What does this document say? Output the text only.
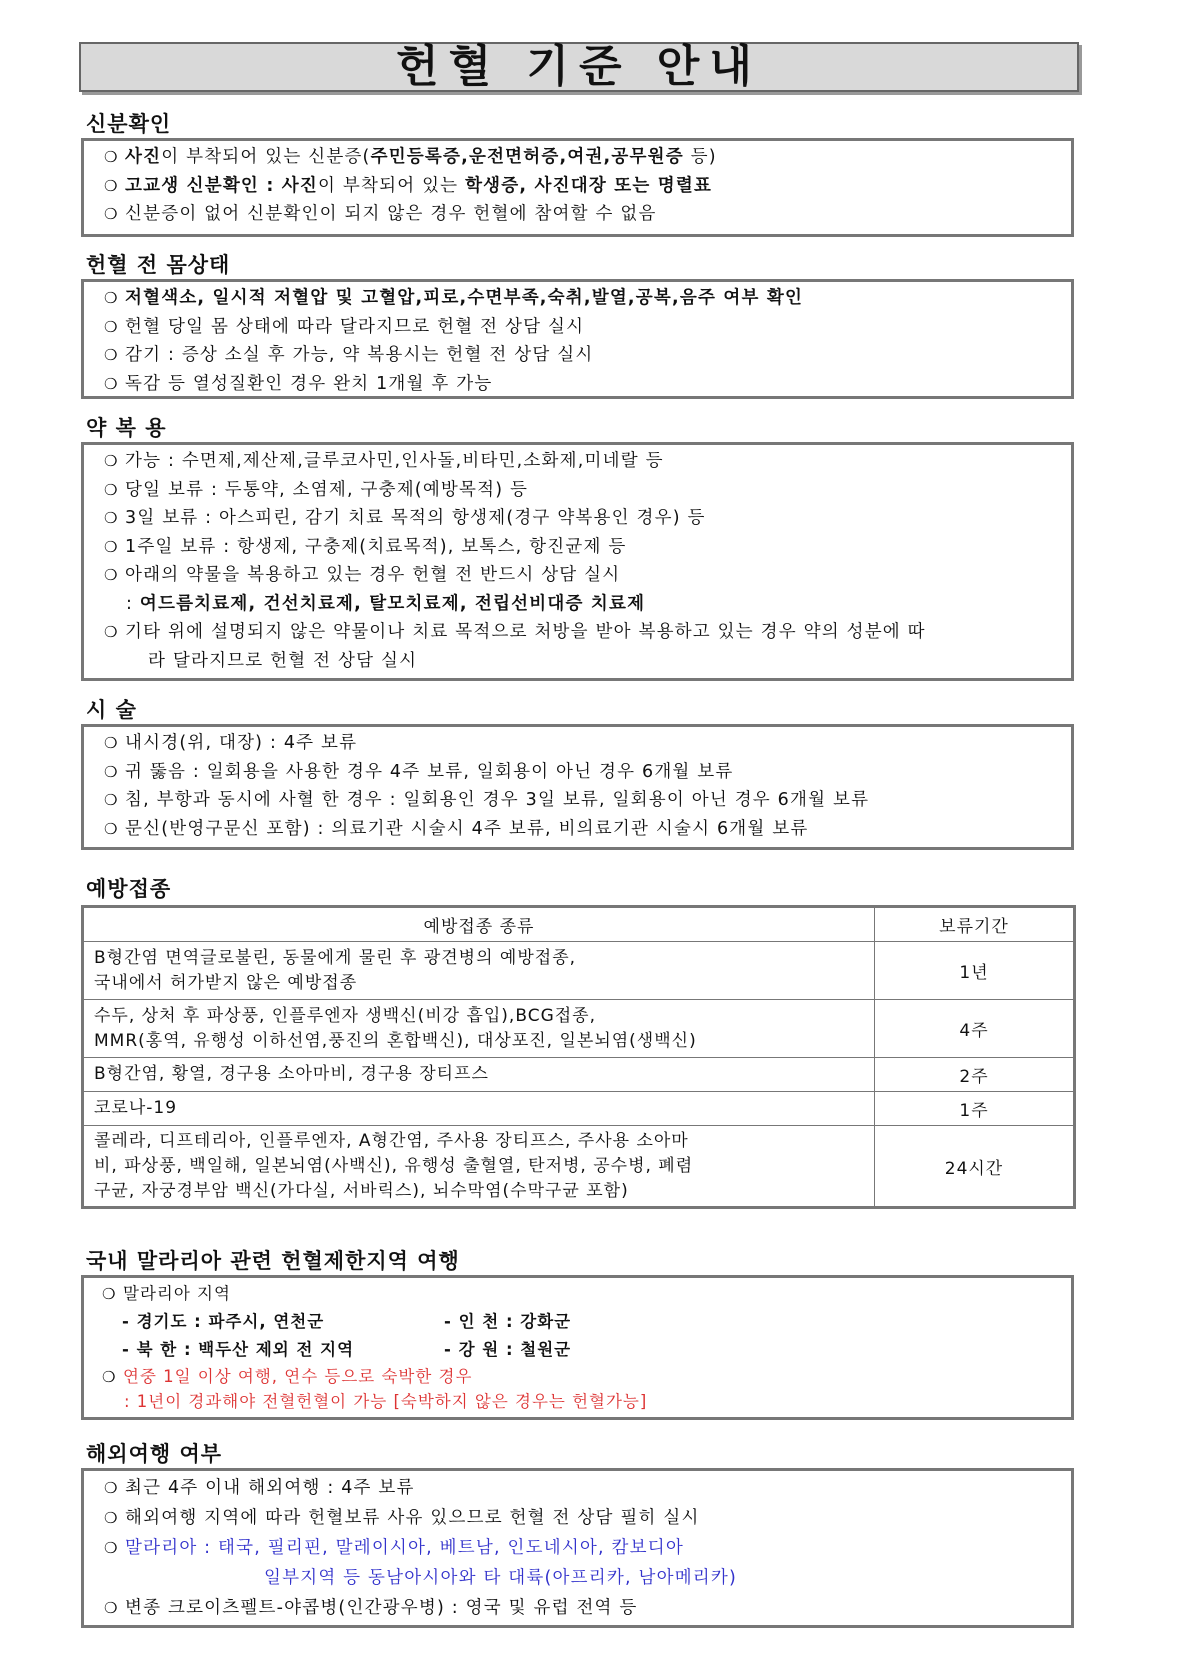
헌혈 기준 안내
신분확인
❍ 사진이 부착되어 있는 신분증(주민등록증,운전면허증,여권,공무원증 등)
❍ 고교생 신분확인 : 사진이 부착되어 있는 학생증, 사진대장 또는 명렬표
❍ 신분증이 없어 신분확인이 되지 않은 경우 헌혈에 참여할 수 없음
헌혈 전 몸상태
❍ 저혈색소, 일시적 저혈압 및 고혈압,피로,수면부족,숙취,발열,공복,음주 여부 확인
❍ 헌혈 당일 몸 상태에 따라 달라지므로 헌혈 전 상담 실시
❍ 감기 : 증상 소실 후 가능, 약 복용시는 헌혈 전 상담 실시
❍ 독감 등 열성질환인 경우 완치 1개월 후 가능
약 복 용
❍ 가능 : 수면제,제산제,글루코사민,인사돌,비타민,소화제,미네랄 등
❍ 당일 보류 : 두통약, 소염제, 구충제(예방목적) 등
❍ 3일 보류 : 아스피린, 감기 치료 목적의 항생제(경구 약복용인 경우) 등
❍ 1주일 보류 : 항생제, 구충제(치료목적), 보톡스, 항진균제 등
❍ 아래의 약물을 복용하고 있는 경우 헌혈 전 반드시 상담 실시
: 여드름치료제, 건선치료제, 탈모치료제, 전립선비대증 치료제
❍ 기타 위에 설명되지 않은 약물이나 치료 목적으로 처방을 받아 복용하고 있는 경우 약의 성분에 따
라 달라지므로 헌혈 전 상담 실시
시 술
❍ 내시경(위, 대장) : 4주 보류
❍ 귀 뚫음 : 일회용을 사용한 경우 4주 보류, 일회용이 아닌 경우 6개월 보류
❍ 침, 부항과 동시에 사혈 한 경우 : 일회용인 경우 3일 보류, 일회용이 아닌 경우 6개월 보류
❍ 문신(반영구문신 포함) : 의료기관 시술시 4주 보류, 비의료기관 시술시 6개월 보류
예방접종
예방접종 종류	보류기간

B형간염 면역글로불린, 동물에게 물린 후 광견병의 예방접종,
국내에서 허가받지 않은 예방접종	1년

수두, 상처 후 파상풍, 인플루엔자 생백신(비강 흡입),BCG접종,
MMR(홍역, 유행성 이하선염,풍진의 혼합백신), 대상포진, 일본뇌염(생백신)	4주

B형간염, 황열, 경구용 소아마비, 경구용 장티프스	2주

코로나-19	1주

콜레라, 디프테리아, 인플루엔자, A형간염, 주사용 장티프스, 주사용 소아마
비, 파상풍, 백일해, 일본뇌염(사백신), 유행성 출혈열, 탄저병, 공수병, 폐렴
구균, 자궁경부암 백신(가다실, 서바릭스), 뇌수막염(수막구균 포함)	24시간
국내 말라리아 관련 헌혈제한지역 여행
❍ 말라리아 지역
- 경기도 : 파주시, 연천군	- 인 천 : 강화군
- 북 한 : 백두산 제외 전 지역	- 강 원 : 철원군
❍ 연중 1일 이상 여행, 연수 등으로 숙박한 경우
: 1년이 경과해야 전혈헌혈이 가능 [숙박하지 않은 경우는 헌혈가능]
해외여행 여부
❍ 최근 4주 이내 해외여행 : 4주 보류
❍ 해외여행 지역에 따라 헌혈보류 사유 있으므로 헌혈 전 상담 필히 실시
❍ 말라리아 : 태국, 필리핀, 말레이시아, 베트남, 인도네시아, 캄보디아
일부지역 등 동남아시아와 타 대륙(아프리카, 남아메리카)
❍ 변종 크로이츠펠트-야콥병(인간광우병) : 영국 및 유럽 전역 등
